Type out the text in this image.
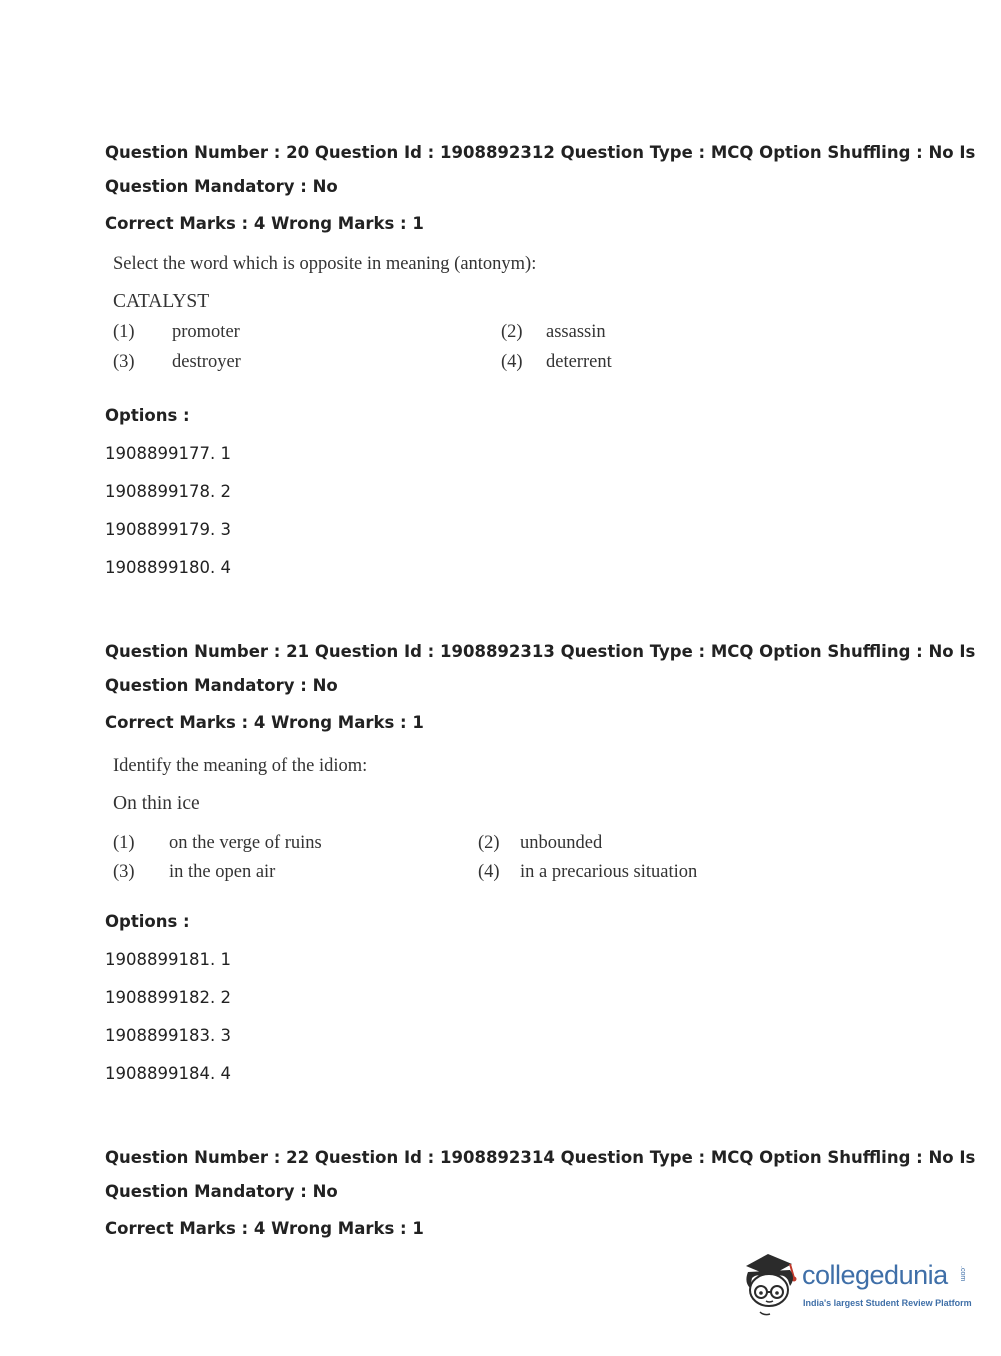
Question Number : 20 Question Id : 1908892312 Question Type : MCQ Option Shuffling : No Is
Question Mandatory : No
Correct Marks : 4 Wrong Marks : 1
Select the word which is opposite in meaning (antonym):
CATALYST
(1) promoter	(2) assassin
(3) destroyer	(4) deterrent
Options :
1908899177. 1
1908899178. 2
1908899179. 3
1908899180. 4
Question Number : 21 Question Id : 1908892313 Question Type : MCQ Option Shuffling : No Is
Question Mandatory : No
Correct Marks : 4 Wrong Marks : 1
Identify the meaning of the idiom:
On thin ice
(1) on the verge of ruins	(2) unbounded
(3) in the open air	(4) in a precarious situation
Options :
1908899181. 1
1908899182. 2
1908899183. 3
1908899184. 4
Question Number : 22 Question Id : 1908892314 Question Type : MCQ Option Shuffling : No Is
Question Mandatory : No
Correct Marks : 4 Wrong Marks : 1
collegedunia .com
India's largest Student Review Platform
